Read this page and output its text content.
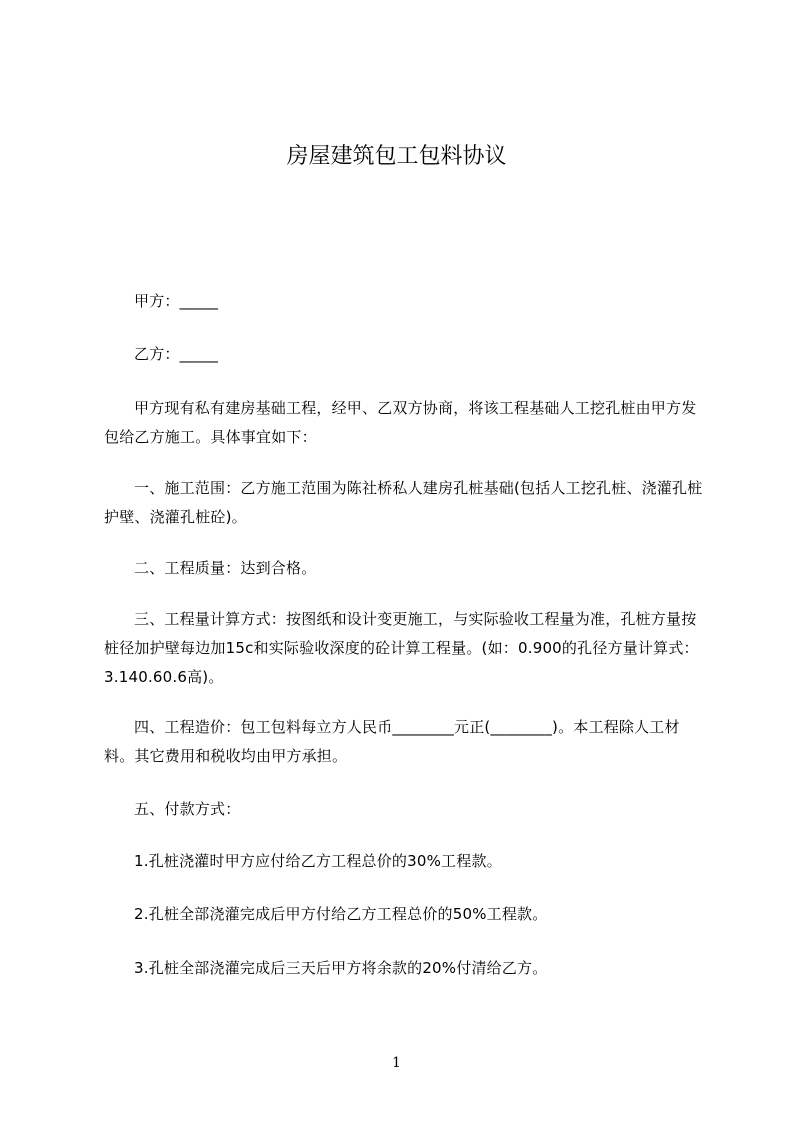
房屋建筑包工包料协议

甲方：_____

乙方：_____

甲方现有私有建房基础工程，经甲、乙双方协商，将该工程基础人工挖孔桩由甲方发包给乙方施工。具体事宜如下：

一、施工范围：乙方施工范围为陈社桥私人建房孔桩基础(包括人工挖孔桩、浇灌孔桩护壁、浇灌孔桩砼)。

二、工程质量：达到合格。

三、工程量计算方式：按图纸和设计变更施工，与实际验收工程量为准，孔桩方量按桩径加护壁每边加15c和实际验收深度的砼计算工程量。(如：0.900的孔径方量计算式：3.140.60.6高)。

四、工程造价：包工包料每立方人民币________元正(________)。本工程除人工材料。其它费用和税收均由甲方承担。

五、付款方式：

1.孔桩浇灌时甲方应付给乙方工程总价的30%工程款。

2.孔桩全部浇灌完成后甲方付给乙方工程总价的50%工程款。

3.孔桩全部浇灌完成后三天后甲方将余款的20%付清给乙方。

1
